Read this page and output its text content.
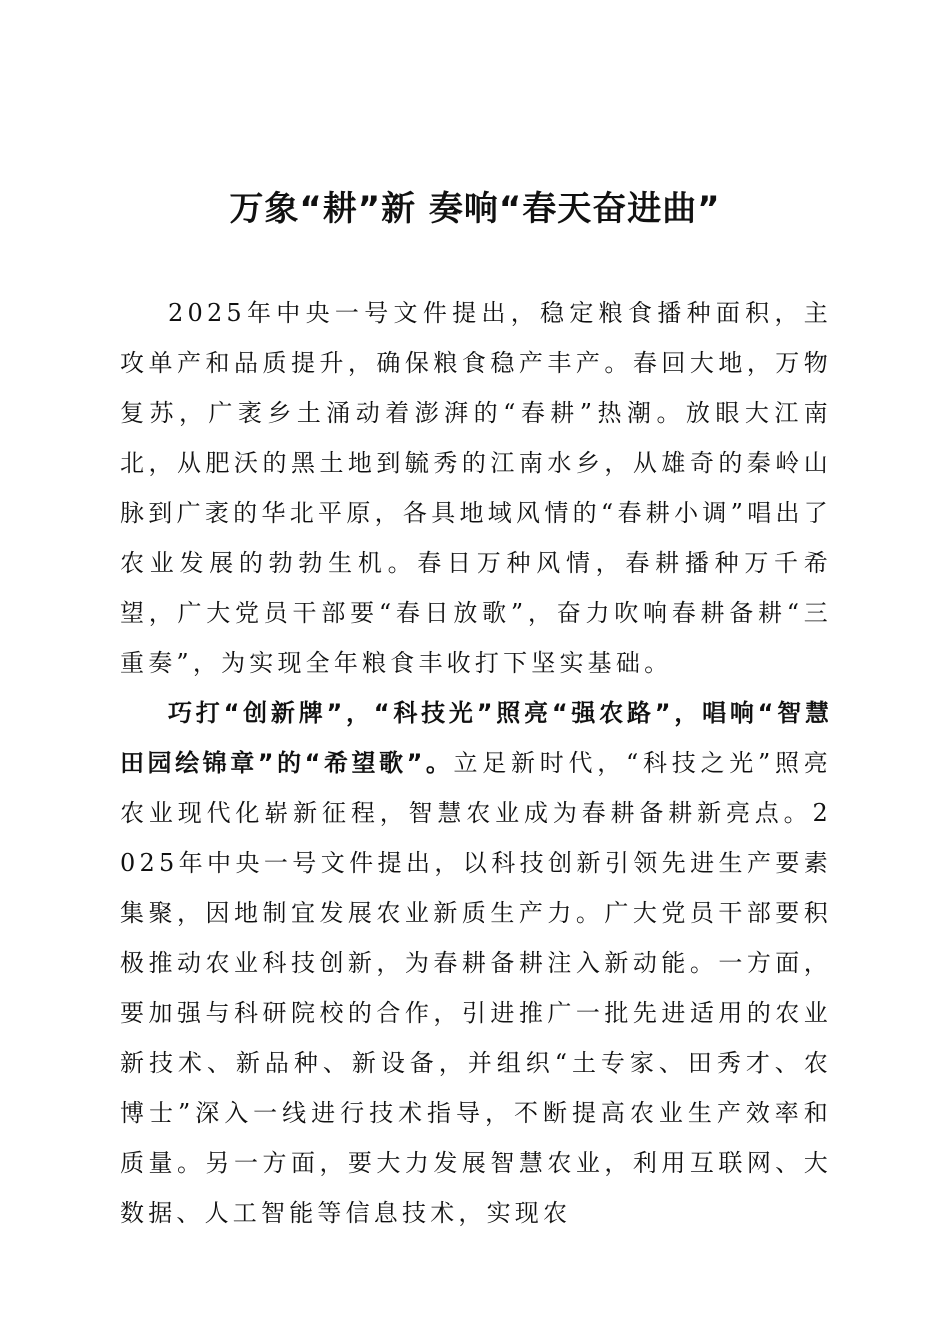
万象“耕”新 奏响“春天奋进曲”

2025年中央一号文件提出，稳定粮食播种面积，主攻单产和品质提升，确保粮食稳产丰产。春回大地，万物复苏，广袤乡土涌动着澎湃的“春耕”热潮。放眼大江南北，从肥沃的黑土地到毓秀的江南水乡，从雄奇的秦岭山脉到广袤的华北平原，各具地域风情的“春耕小调”唱出了农业发展的勃勃生机。春日万种风情，春耕播种万千希望，广大党员干部要“春日放歌”，奋力吹响春耕备耕“三重奏”，为实现全年粮食丰收打下坚实基础。

巧打“创新牌”，“科技光”照亮“强农路”，唱响“智慧田园绘锦章”的“希望歌”。立足新时代，“科技之光”照亮农业现代化崭新征程，智慧农业成为春耕备耕新亮点。2025年中央一号文件提出，以科技创新引领先进生产要素集聚，因地制宜发展农业新质生产力。广大党员干部要积极推动农业科技创新，为春耕备耕注入新动能。一方面，要加强与科研院校的合作，引进推广一批先进适用的农业新技术、新品种、新设备，并组织“土专家、田秀才、农博士”深入一线进行技术指导，不断提高农业生产效率和质量。另一方面，要大力发展智慧农业，利用互联网、大数据、人工智能等信息技术，实现农
